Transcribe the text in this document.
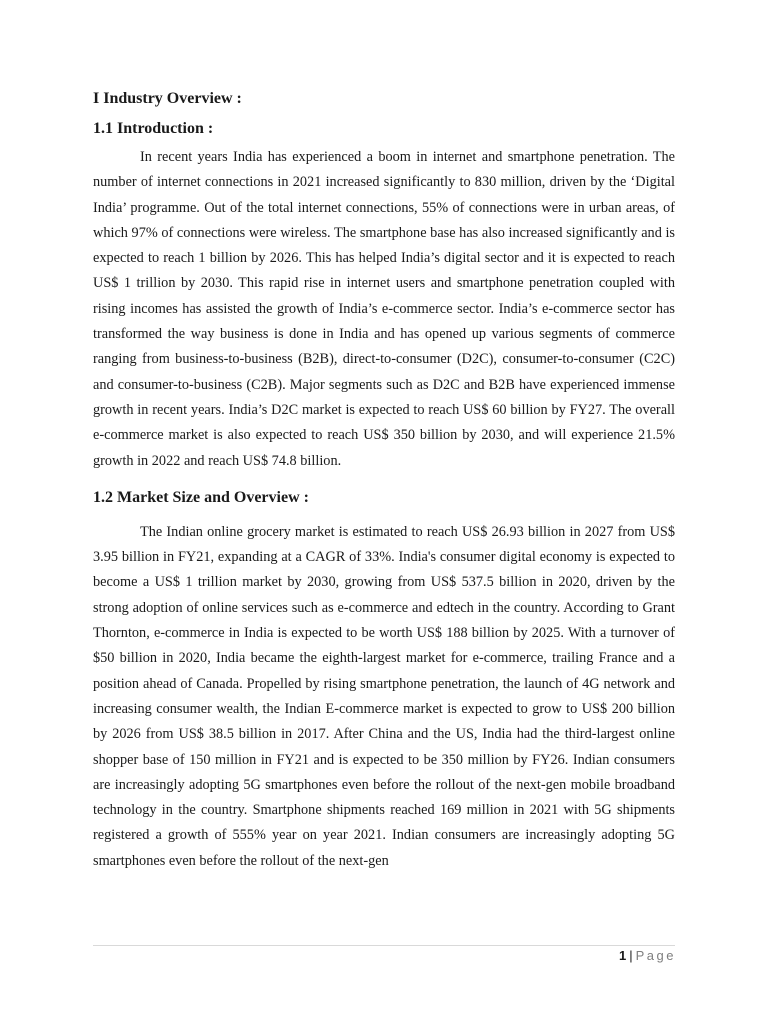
I Industry Overview :

1.1 Introduction :

In recent years India has experienced a boom in internet and smartphone penetration. The number of internet connections in 2021 increased significantly to 830 million, driven by the ‘Digital India’ programme. Out of the total internet connections, 55% of connections were in urban areas, of which 97% of connections were wireless. The smartphone base has also increased significantly and is expected to reach 1 billion by 2026. This has helped India’s digital sector and it is expected to reach US$ 1 trillion by 2030. This rapid rise in internet users and smartphone penetration coupled with rising incomes has assisted the growth of India’s e-commerce sector. India’s e-commerce sector has transformed the way business is done in India and has opened up various segments of commerce ranging from business-to-business (B2B), direct-to-consumer (D2C), consumer-to-consumer (C2C) and consumer-to-business (C2B). Major segments such as D2C and B2B have experienced immense growth in recent years. India’s D2C market is expected to reach US$ 60 billion by FY27. The overall e-commerce market is also expected to reach US$ 350 billion by 2030, and will experience 21.5% growth in 2022 and reach US$ 74.8 billion.

1.2 Market Size and Overview :

The Indian online grocery market is estimated to reach US$ 26.93 billion in 2027 from US$ 3.95 billion in FY21, expanding at a CAGR of 33%. India's consumer digital economy is expected to become a US$ 1 trillion market by 2030, growing from US$ 537.5 billion in 2020, driven by the strong adoption of online services such as e-commerce and edtech in the country. According to Grant Thornton, e-commerce in India is expected to be worth US$ 188 billion by 2025. With a turnover of $50 billion in 2020, India became the eighth-largest market for e-commerce, trailing France and a position ahead of Canada. Propelled by rising smartphone penetration, the launch of 4G network and increasing consumer wealth, the Indian E-commerce market is expected to grow to US$ 200 billion by 2026 from US$ 38.5 billion in 2017. After China and the US, India had the third-largest online shopper base of 150 million in FY21 and is expected to be 350 million by FY26. Indian consumers are increasingly adopting 5G smartphones even before the rollout of the next-gen mobile broadband technology in the country. Smartphone shipments reached 169 million in 2021 with 5G shipments registered a growth of 555% year on year 2021. Indian consumers are increasingly adopting 5G smartphones even before the rollout of the next-gen

1 | Page
